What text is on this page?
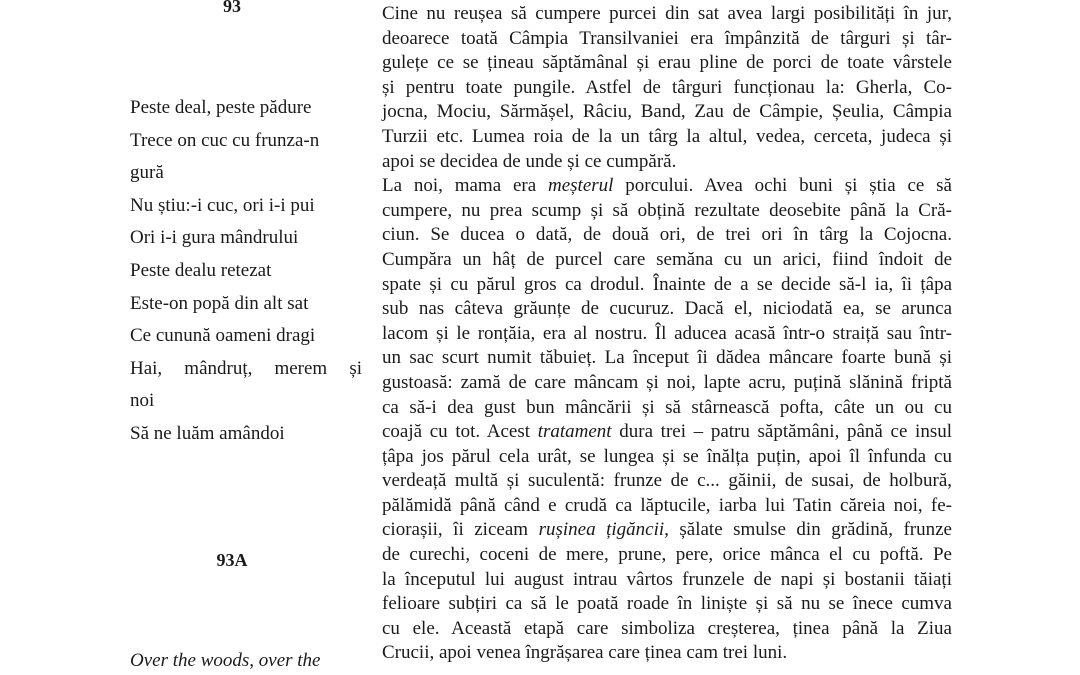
93
Peste deal, peste pădure
Trece on cuc cu frunza-n
gură
Nu știu:-i cuc, ori i-i pui
Ori i-i gura mândrului
Peste dealu retezat
Este-on popă din alt sat
Ce cunună oameni dragi
Hai, mândruț, merem și
noi
Să ne luăm amândoi
93A
Over the woods, over the
Cine nu reușea să cumpere purcei din sat avea largi posibilități în jur,
deoarece toată Câmpia Transilvaniei era împânzită de târguri și târ-
gulețe ce se țineau săptămânal și erau pline de porci de toate vârstele
și pentru toate pungile. Astfel de târguri funcționau la: Gherla, Co-
jocna, Mociu, Sărmășel, Râciu, Band, Zau de Câmpie, Șeulia, Câmpia
Turzii etc. Lumea roia de la un târg la altul, vedea, cerceta, judeca și
apoi se decidea de unde și ce cumpără.
La noi, mama era meșterul porcului. Avea ochi buni și știa ce să
cumpere, nu prea scump și să obțină rezultate deosebite până la Cră-
ciun. Se ducea o dată, de două ori, de trei ori în târg la Cojocna.
Cumpăra un hâț de purcel care semăna cu un arici, fiind îndoit de
spate și cu părul gros ca drodul. Înainte de a se decide să-l ia, îi țâpa
sub nas câteva grăunțe de cucuruz. Dacă el, niciodată ea, se arunca
lacom și le ronțăia, era al nostru. Îl aducea acasă într-o straiță sau într-
un sac scurt numit tăbuieț. La început îi dădea mâncare foarte bună și
gustoasă: zamă de care mâncam și noi, lapte acru, puțină slănină friptă
ca să-i dea gust bun mâncării și să stârnească pofta, câte un ou cu
coajă cu tot. Acest tratament dura trei – patru săptămâni, până ce insul
țâpa jos părul cela urât, se lungea și se înălța puțin, apoi îl înfunda cu
verdeață multă și suculentă: frunze de c... găinii, de susai, de holbură,
pălămidă până când e crudă ca lăptucile, iarba lui Tatin căreia noi, fe-
ciorașii, îi ziceam rușinea țigăncii, șălate smulse din grădină, frunze
de curechi, coceni de mere, prune, pere, orice mânca el cu poftă. Pe
la începutul lui august intrau vârtos frunzele de napi și bostanii tăiați
felioare subțiri ca să le poată roade în liniște și să nu se înece cumva
cu ele. Această etapă care simboliza creșterea, ținea până la Ziua
Crucii, apoi venea îngrășarea care ținea cam trei luni.
